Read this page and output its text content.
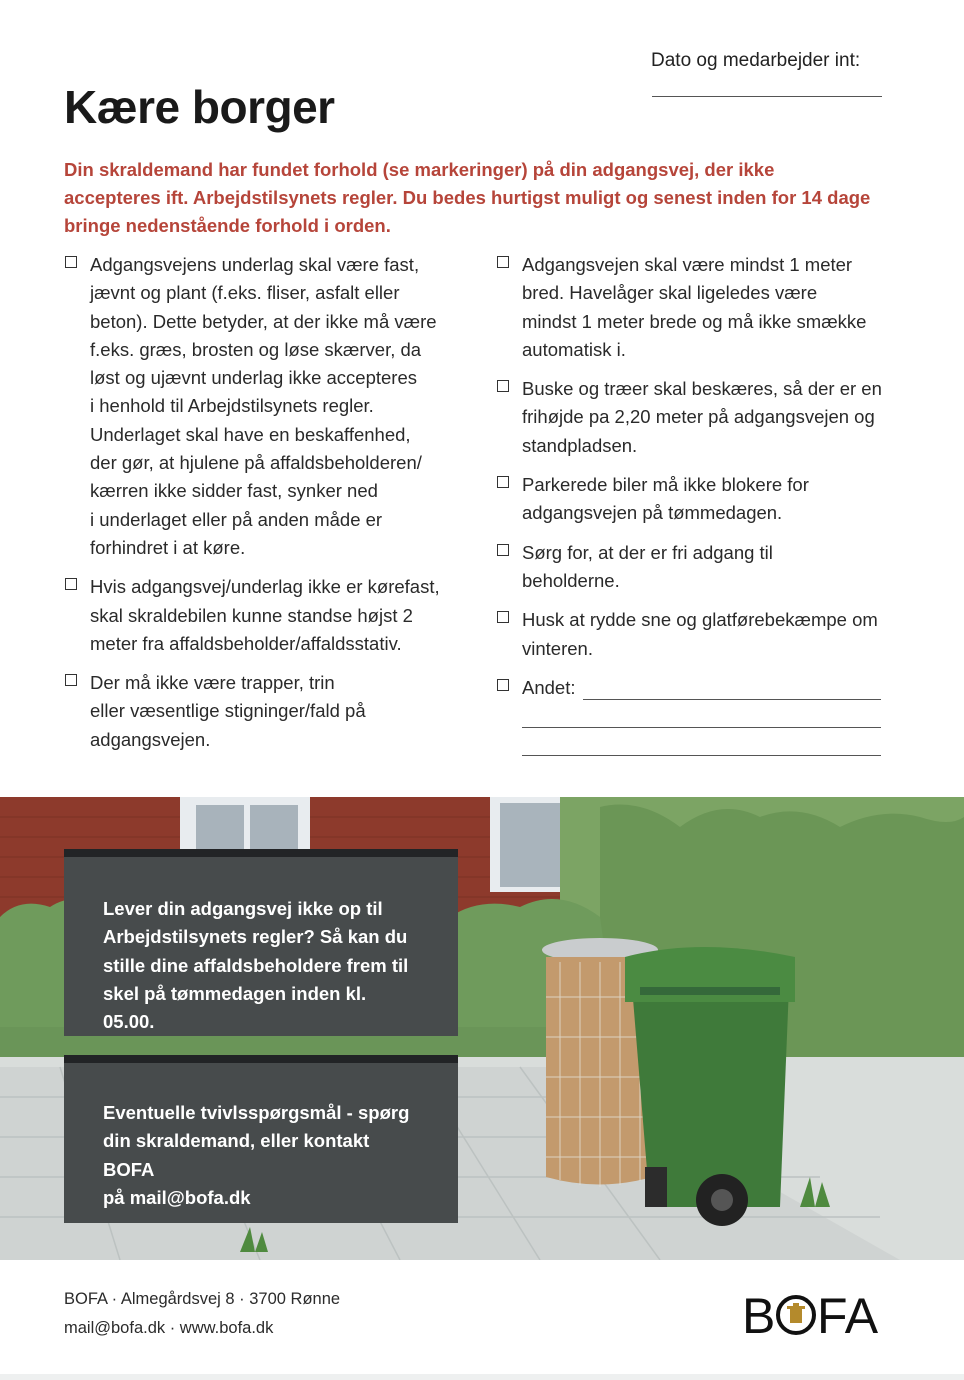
Dato og medarbejder int:
Kære borger

Din skraldemand har fundet forhold (se markeringer) på din adgangsvej, der ikke accepteres ift. Arbejdstilsynets regler. Du bedes hurtigst muligt og senest inden for 14 dage bringe nedenstående forhold i orden.

Adgangsvejens underlag skal være fast,
jævnt og plant (f.eks. fliser, asfalt eller
beton). Dette betyder, at der ikke må være
f.eks. græs, brosten og løse skærver, da
løst og ujævnt underlag ikke accepteres
i henhold til Arbejdstilsynets regler.
Underlaget skal have en beskaffenhed,
der gør, at hjulene på affaldsbeholderen/
kærren ikke sidder fast, synker ned
i underlaget eller på anden måde er
forhindret i at køre.
Hvis adgangsvej/underlag ikke er kørefast,
skal skraldebilen kunne standse højst 2
meter fra affaldsbeholder/affaldsstativ.
Der må ikke være trapper, trin
eller væsentlige stigninger/fald på
adgangsvejen.
Adgangsvejen skal være mindst 1 meter
bred. Havelåger skal ligeledes være
mindst 1 meter brede og må ikke smække
automatisk i.
Buske og træer skal beskæres, så der er en
frihøjde pa 2,20 meter på adgangsvejen og
standpladsen.
Parkerede biler må ikke blokere for
adgangsvejen på tømmedagen.
Sørg for, at der er fri adgang til
beholderne.
Husk at rydde sne og glatførebekæmpe om
vinteren.
Andet:
Lever din adgangsvej ikke op til
Arbejdstilsynets regler? Så kan du
stille dine affaldsbeholdere frem til
skel på tømmedagen inden kl. 05.00.
Eventuelle tvivlsspørgsmål - spørg
din skraldemand, eller kontakt BOFA
på mail@bofa.dk
BOFA · Almegårdsvej 8 · 3700 Rønne
mail@bofa.dk · www.bofa.dk	B FA
